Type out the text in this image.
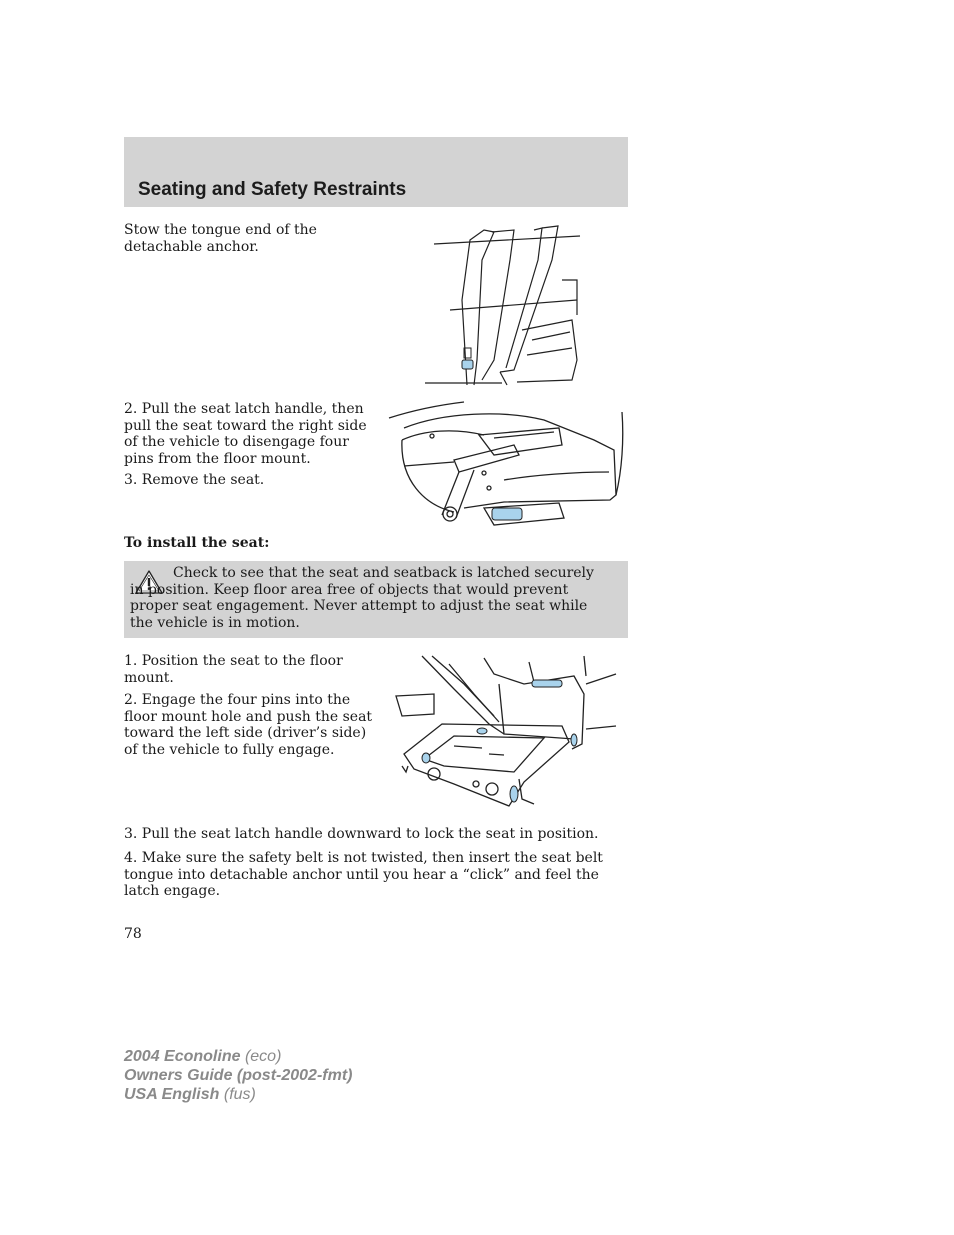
Seating and Safety Restraints

Stow the tongue end of the detachable anchor.

2. Pull the seat latch handle, then pull the seat toward the right side of the vehicle to disengage four pins from the floor mount.

3. Remove the seat.

To install the seat:

Check to see that the seat and seatback is latched securely in position. Keep floor area free of objects that would prevent proper seat engagement. Never attempt to adjust the seat while the vehicle is in motion.

1. Position the seat to the floor mount.

2. Engage the four pins into the floor mount hole and push the seat toward the left side (driver’s side) of the vehicle to fully engage.

3. Pull the seat latch handle downward to lock the seat in position.

4. Make sure the safety belt is not twisted, then insert the seat belt tongue into detachable anchor until you hear a “click” and feel the latch engage.

78
2004 Econoline (eco)
Owners Guide (post-2002-fmt)
USA English (fus)
